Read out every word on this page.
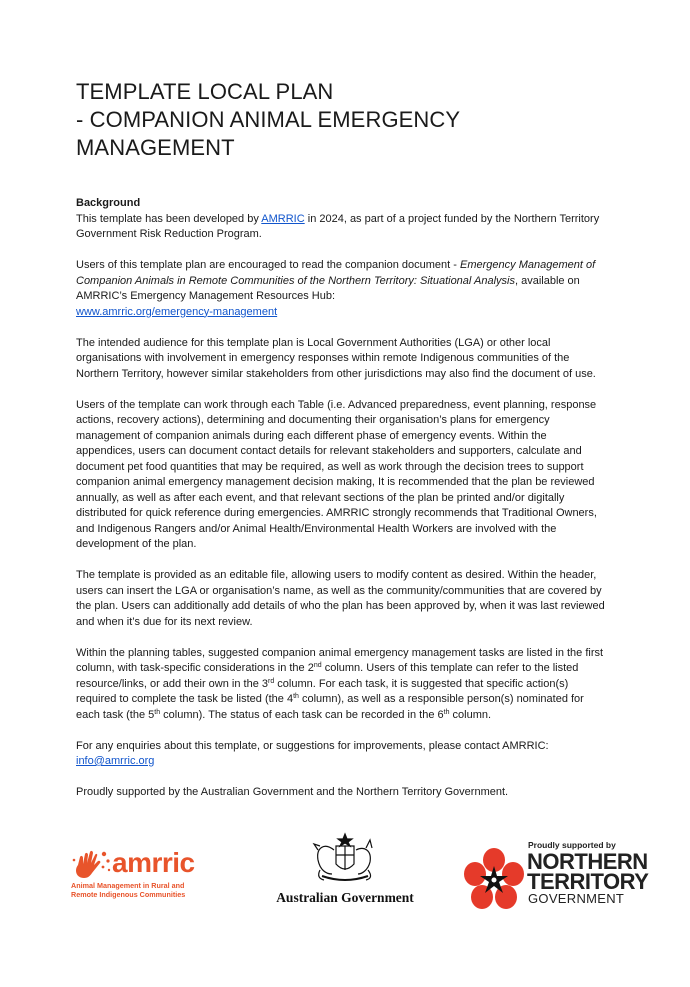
TEMPLATE LOCAL PLAN
- COMPANION ANIMAL EMERGENCY MANAGEMENT

Background
This template has been developed by AMRRIC in 2024, as part of a project funded by the Northern Territory Government Risk Reduction Program.

Users of this template plan are encouraged to read the companion document - Emergency Management of Companion Animals in Remote Communities of the Northern Territory: Situational Analysis, available on AMRRIC’s Emergency Management Resources Hub:
www.amrric.org/emergency-management

The intended audience for this template plan is Local Government Authorities (LGA) or other local organisations with involvement in emergency responses within remote Indigenous communities of the Northern Territory, however similar stakeholders from other jurisdictions may also find the document of use.

Users of the template can work through each Table (i.e. Advanced preparedness, event planning, response actions, recovery actions), determining and documenting their organisation’s plans for emergency management of companion animals during each different phase of emergency events. Within the appendices, users can document contact details for relevant stakeholders and supporters, calculate and document pet food quantities that may be required, as well as work through the decision trees to support companion animal emergency management decision making, It is recommended that the plan be reviewed annually, as well as after each event, and that relevant sections of the plan be printed and/or digitally distributed for quick reference during emergencies. AMRRIC strongly recommends that Traditional Owners, and Indigenous Rangers and/or Animal Health/Environmental Health Workers are involved with the development of the plan.

The template is provided as an editable file, allowing users to modify content as desired. Within the header, users can insert the LGA or organisation’s name, as well as the community/communities that are covered by the plan. Users can additionally add details of who the plan has been approved by, when it was last reviewed and when it’s due for its next review.

Within the planning tables, suggested companion animal emergency management tasks are listed in the first column, with task-specific considerations in the 2nd column. Users of this template can refer to the listed resource/links, or add their own in the 3rd column. For each task, it is suggested that specific action(s) required to complete the task be listed (the 4th column), as well as a responsible person(s) nominated for each task (the 5th column). The status of each task can be recorded in the 6th column.

For any enquiries about this template, or suggestions for improvements, please contact AMRRIC:
info@amrric.org

Proudly supported by the Australian Government and the Northern Territory Government.

amrric
Animal Management in Rural and
Remote Indigenous Communities	Australian Government
Proudly supported by
NORTHERN
TERRITORY
GOVERNMENT
